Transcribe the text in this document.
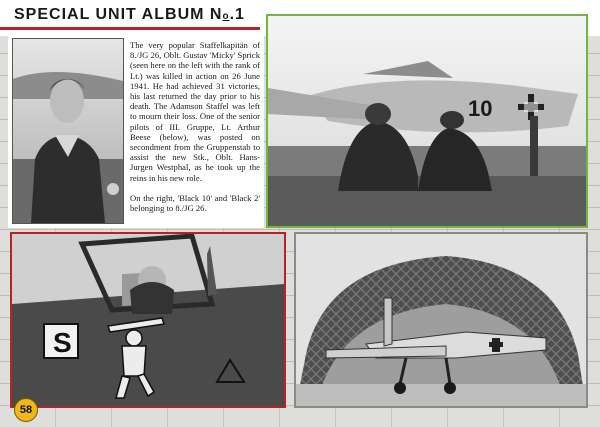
SPECIAL UNIT ALBUM No.1

The very popular Staffelkapitän of 8./JG 26, Oblt. Gustav 'Micky' Sprick (seen here on the left with the rank of Lt.) was killed in action on 26 June 1941. He had achieved 31 victories, his last returned the day prior to his death. The Adamson Staffel was left to mourn their loss. One of the senior pilots of III. Gruppe, Lt. Arthur Beese (below), was posted on secondment from the Gruppenstab to assist the new Stk., Oblt. Hans-Jurgen Westphal, as he took up the reins in his new role.

On the right, 'Black 10' and 'Black 2' belonging to 8./JG 26.

10
S
58
